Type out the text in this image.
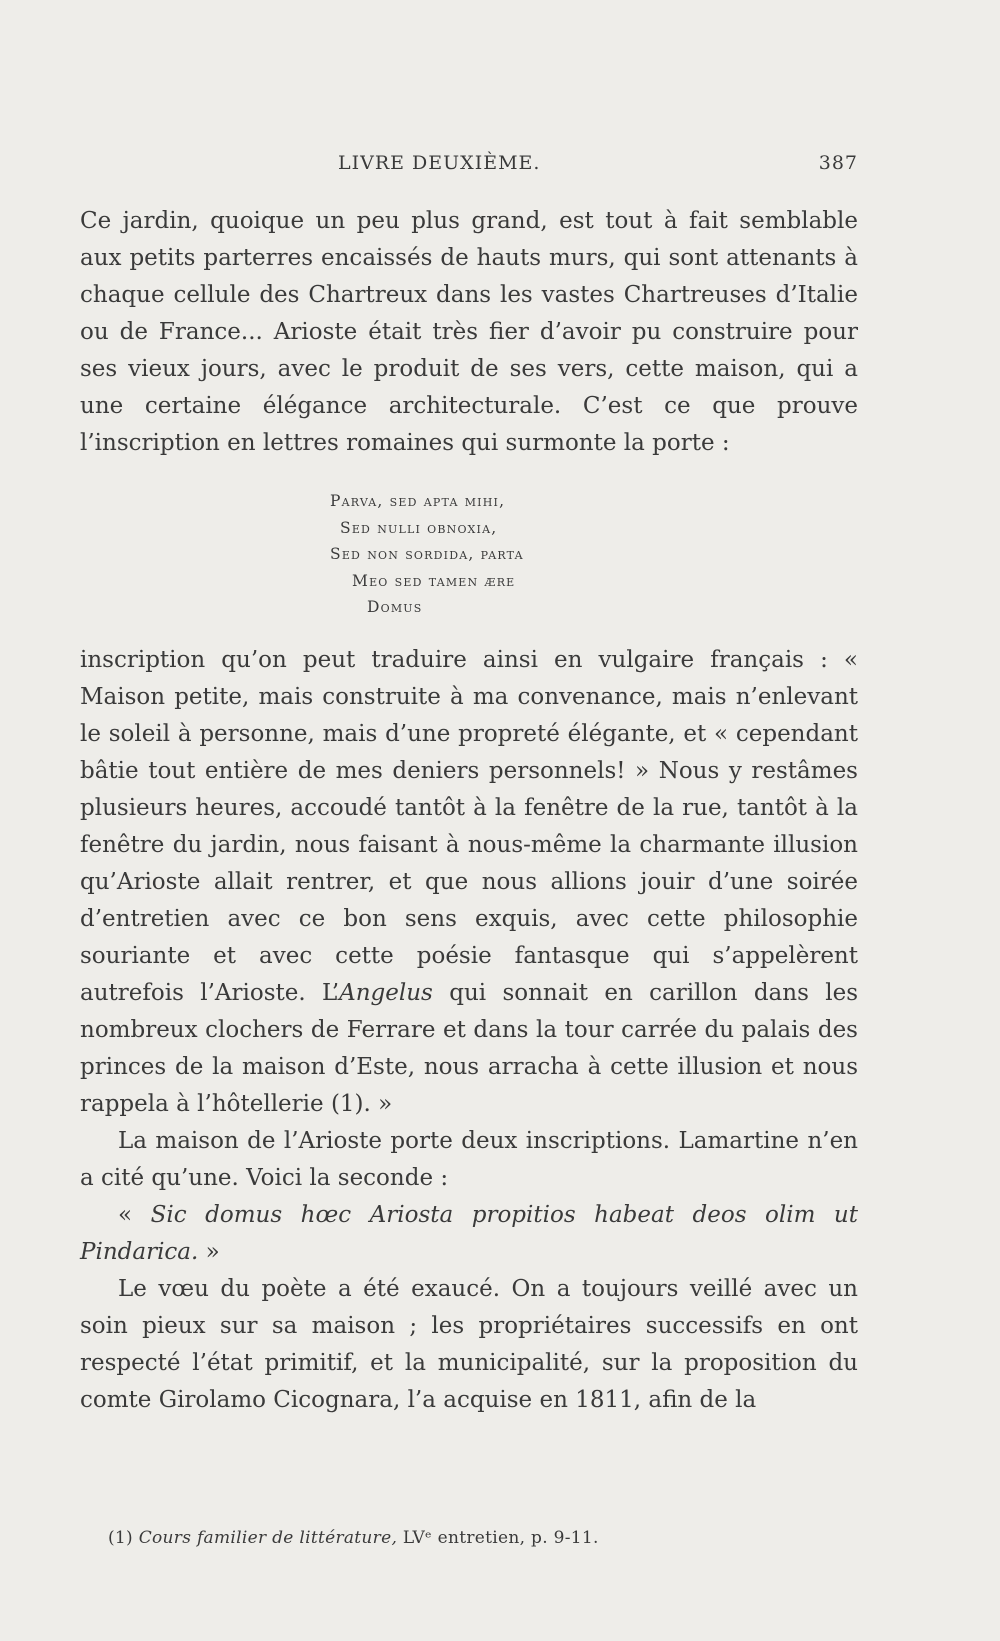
LIVRE DEUXIÈME.	387

Ce jardin, quoique un peu plus grand, est tout à fait semblable aux petits parterres encaissés de hauts murs, qui sont attenants à chaque cellule des Chartreux dans les vastes Chartreuses d’Italie ou de France... Arioste était très fier d’avoir pu construire pour ses vieux jours, avec le produit de ses vers, cette maison, qui a une certaine élégance architecturale. C’est ce que prouve l’inscription en lettres romaines qui surmonte la porte :

Parva, sed apta mihi,
Sed nulli obnoxia,
Sed non sordida, parta
Meo sed tamen ære
Domus

inscription qu’on peut traduire ainsi en vulgaire français : « Maison petite, mais construite à ma convenance, mais n’enlevant le soleil à personne, mais d’une propreté élégante, et « cependant bâtie tout entière de mes deniers personnels! » Nous y restâmes plusieurs heures, accoudé tantôt à la fenêtre de la rue, tantôt à la fenêtre du jardin, nous faisant à nous-même la charmante illusion qu’Arioste allait rentrer, et que nous allions jouir d’une soirée d’entretien avec ce bon sens exquis, avec cette philosophie souriante et avec cette poésie fantasque qui s’appelèrent autrefois l’Arioste. L’Angelus qui sonnait en carillon dans les nombreux clochers de Ferrare et dans la tour carrée du palais des princes de la maison d’Este, nous arracha à cette illusion et nous rappela à l’hôtellerie (1). »

La maison de l’Arioste porte deux inscriptions. Lamartine n’en a cité qu’une. Voici la seconde :

« Sic domus hœc Ariosta propitios habeat deos olim ut Pindarica. »

Le vœu du poète a été exaucé. On a toujours veillé avec un soin pieux sur sa maison ; les propriétaires successifs en ont respecté l’état primitif, et la municipalité, sur la proposition du comte Girolamo Cicognara, l’a acquise en 1811, afin de la

(1) Cours familier de littérature, LVᵉ entretien, p. 9-11.
